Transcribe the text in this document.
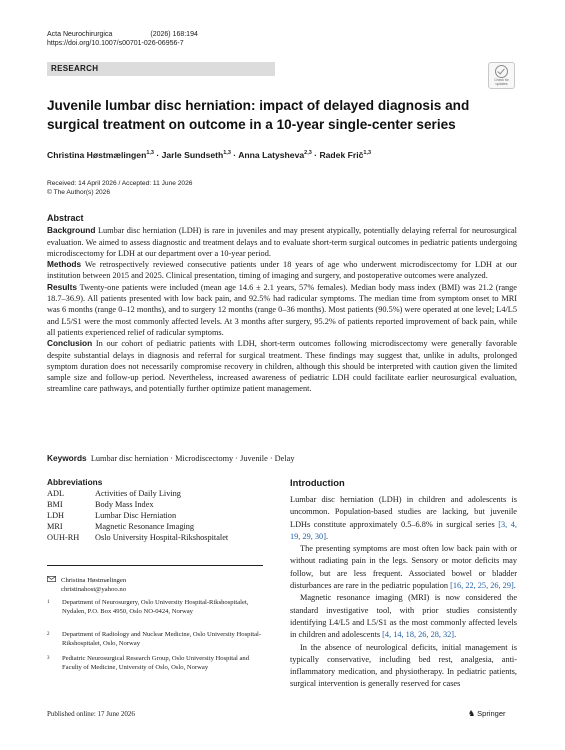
Acta Neurochirurgica	(2026) 168:194
https://doi.org/10.1007/s00701-026-06956-7
RESEARCH
Check for
updates
Juvenile lumbar disc herniation: impact of delayed diagnosis and surgical treatment on outcome in a 10-year single-center series
Christina Høstmælingen$^{1,3}$ · Jarle Sundseth$^{1,3}$ · Anna Latysheva$^{2,3}$ · Radek Frič$^{1,3}$
Received: 14 April 2026 / Accepted: 11 June 2026
© The Author(s) 2026
Abstract

Background Lumbar disc herniation (LDH) is rare in juveniles and may present atypically, potentially delaying referral for neurosurgical evaluation. We aimed to assess diagnostic and treatment delays and to evaluate short-term surgical outcomes in pediatric patients undergoing microdiscectomy for LDH at our department over a 10-year period.

Methods We retrospectively reviewed consecutive patients under 18 years of age who underwent microdiscectomy for LDH at our institution between 2015 and 2025. Clinical presentation, timing of imaging and surgery, and postoperative outcomes were analyzed.

Results Twenty-one patients were included (mean age 14.6 ± 2.1 years, 57% females). Median body mass index (BMI) was 21.2 (range 18.7–36.9). All patients presented with low back pain, and 92.5% had radicular symptoms. The median time from symptom onset to MRI was 6 months (range 0–12 months), and to surgery 12 months (range 0–36 months). Most patients (90.5%) were operated at one level; L4/L5 and L5/S1 were the most commonly affected levels. At 3 months after surgery, 95.2% of patients reported improvement of back pain, while all patients experienced relief of radicular symptoms.

Conclusion In our cohort of pediatric patients with LDH, short-term outcomes following microdiscectomy were generally favorable despite substantial delays in diagnosis and referral for surgical treatment. These findings may suggest that, unlike in adults, prolonged symptom duration does not necessarily compromise recovery in children, although this should be interpreted with caution given the limited sample size and follow-up period. Nevertheless, increased awareness of pediatric LDH could facilitate earlier neurosurgical evaluation, streamline care pathways, and potentially further optimize patient management.

Keywords Lumbar disc herniation · Microdiscectomy · Juvenile · Delay
Abbreviations
ADL	Activities of Daily Living
BMI	Body Mass Index
LDH	Lumbar Disc Herniation
MRI	Magnetic Resonance Imaging
OUH-RH	Oslo University Hospital-Rikshospitalet
Christina Høstmælingen
christinahost@yahoo.no
1 Department of Neurosurgery, Oslo University Hospital-Rikshospitalet, Nydalen, P.O. Box 4950, Oslo NO-0424, Norway
2 Department of Radiology and Nuclear Medicine, Oslo University Hospital-Rikshospitalet, Oslo, Norway
3 Pediatric Neurosurgical Research Group, Oslo University Hospital and Faculty of Medicine, University of Oslo, Oslo, Norway
Introduction

Lumbar disc herniation (LDH) in children and adolescents is uncommon. Population-based studies are lacking, but juvenile LDHs constitute approximately 0.5–6.8% in surgical series [3, 4, 19, 29, 30].

The presenting symptoms are most often low back pain with or without radiating pain in the legs. Sensory or motor deficits may follow, but are less frequent. Associated bowel or bladder disturbances are rare in the pediatric population [16, 22, 25, 26, 29].

Magnetic resonance imaging (MRI) is now considered the standard investigative tool, with prior studies consistently identifying L4/L5 and L5/S1 as the most commonly affected levels in children and adolescents [4, 14, 18, 26, 28, 32].

In the absence of neurological deficits, initial management is typically conservative, including bed rest, analgesia, anti-inflammatory medication, and physiotherapy. In pediatric patients, surgical intervention is generally reserved for cases

Published online: 17 June 2026	♞ Springer
